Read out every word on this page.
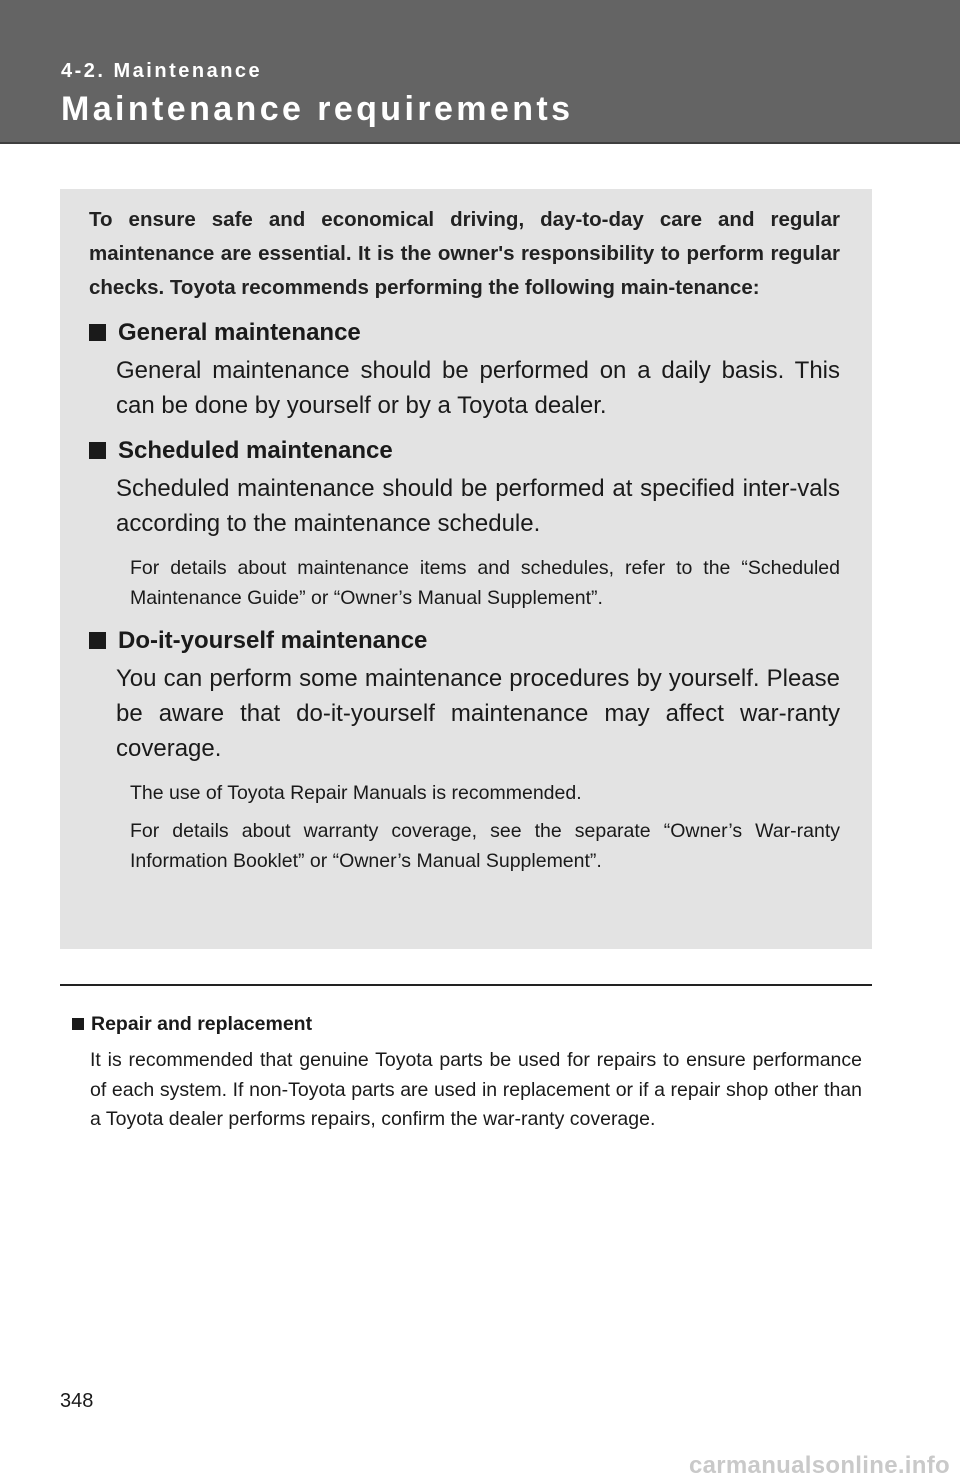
4-2. Maintenance
Maintenance requirements

To ensure safe and economical driving, day-to-day care and regular maintenance are essential. It is the owner's responsibility to perform regular checks. Toyota recommends performing the following main-tenance:

General maintenance
General maintenance should be performed on a daily basis. This can be done by yourself or by a Toyota dealer.
Scheduled maintenance
Scheduled maintenance should be performed at specified inter-vals according to the maintenance schedule.
For details about maintenance items and schedules, refer to the “Scheduled Maintenance Guide” or “Owner’s Manual Supplement”.
Do-it-yourself maintenance
You can perform some maintenance procedures by yourself. Please be aware that do-it-yourself maintenance may affect war-ranty coverage.
The use of Toyota Repair Manuals is recommended.
For details about warranty coverage, see the separate “Owner’s War-ranty Information Booklet” or “Owner’s Manual Supplement”.
Repair and replacement
It is recommended that genuine Toyota parts be used for repairs to ensure performance of each system. If non-Toyota parts are used in replacement or if a repair shop other than a Toyota dealer performs repairs, confirm the war-ranty coverage.
348
carmanualsonline.info
